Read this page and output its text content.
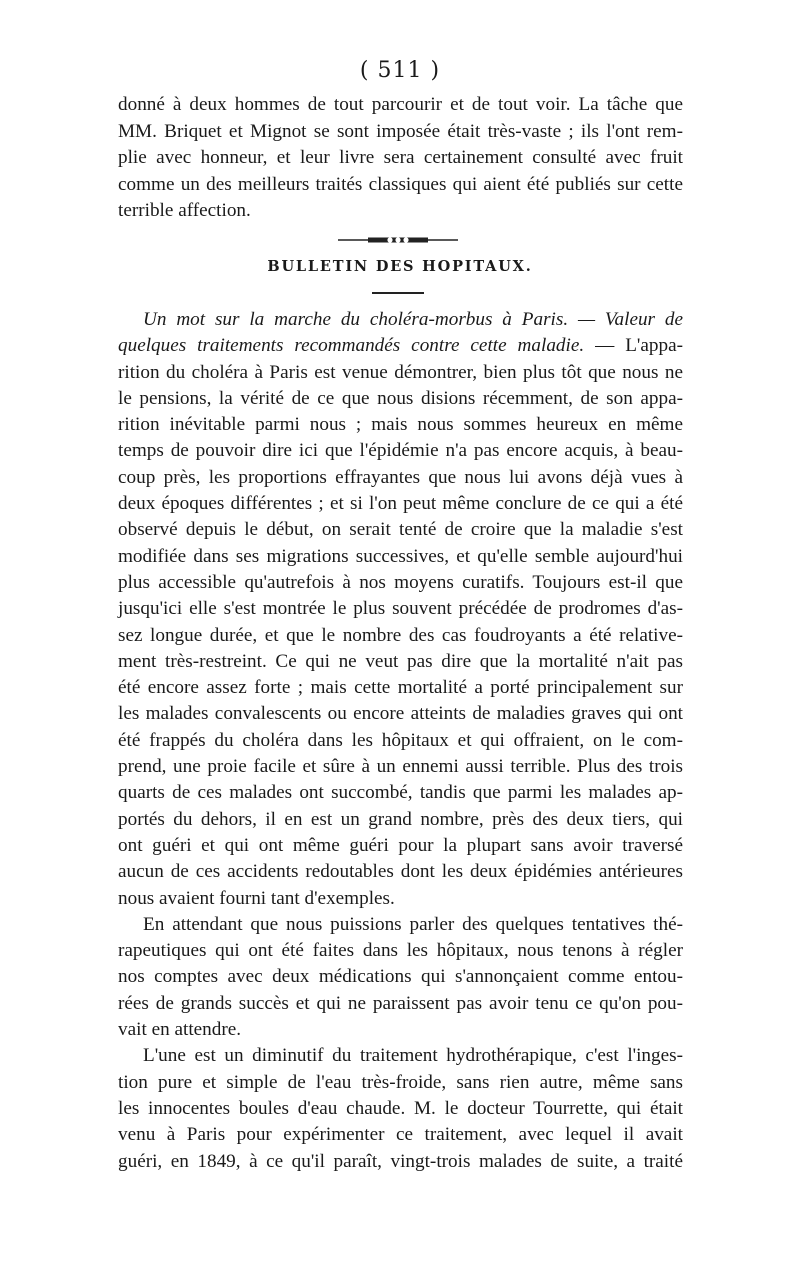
( 511 )
donné à deux hommes de tout parcourir et de tout voir. La tâche que
MM. Briquet et Mignot se sont imposée était très-vaste ; ils l'ont rem-
plie avec honneur, et leur livre sera certainement consulté avec fruit
comme un des meilleurs traités classiques qui aient été publiés sur cette
terrible affection.
BULLETIN DES HOPITAUX.
Un mot sur la marche du choléra-morbus à Paris. — Valeur de
quelques traitements recommandés contre cette maladie. — L'appa-
rition du choléra à Paris est venue démontrer, bien plus tôt que nous ne
le pensions, la vérité de ce que nous disions récemment, de son appa-
rition inévitable parmi nous ; mais nous sommes heureux en même
temps de pouvoir dire ici que l'épidémie n'a pas encore acquis, à beau-
coup près, les proportions effrayantes que nous lui avons déjà vues à
deux époques différentes ; et si l'on peut même conclure de ce qui a été
observé depuis le début, on serait tenté de croire que la maladie s'est
modifiée dans ses migrations successives, et qu'elle semble aujourd'hui
plus accessible qu'autrefois à nos moyens curatifs. Toujours est-il que
jusqu'ici elle s'est montrée le plus souvent précédée de prodromes d'as-
sez longue durée, et que le nombre des cas foudroyants a été relative-
ment très-restreint. Ce qui ne veut pas dire que la mortalité n'ait pas
été encore assez forte ; mais cette mortalité a porté principalement sur
les malades convalescents ou encore atteints de maladies graves qui ont
été frappés du choléra dans les hôpitaux et qui offraient, on le com-
prend, une proie facile et sûre à un ennemi aussi terrible. Plus des trois
quarts de ces malades ont succombé, tandis que parmi les malades ap-
portés du dehors, il en est un grand nombre, près des deux tiers, qui
ont guéri et qui ont même guéri pour la plupart sans avoir traversé
aucun de ces accidents redoutables dont les deux épidémies antérieures
nous avaient fourni tant d'exemples.
En attendant que nous puissions parler des quelques tentatives thé-
rapeutiques qui ont été faites dans les hôpitaux, nous tenons à régler
nos comptes avec deux médications qui s'annonçaient comme entou-
rées de grands succès et qui ne paraissent pas avoir tenu ce qu'on pou-
vait en attendre.
L'une est un diminutif du traitement hydrothérapique, c'est l'inges-
tion pure et simple de l'eau très-froide, sans rien autre, même sans
les innocentes boules d'eau chaude. M. le docteur Tourrette, qui était
venu à Paris pour expérimenter ce traitement, avec lequel il avait
guéri, en 1849, à ce qu'il paraît, vingt-trois malades de suite, a traité
